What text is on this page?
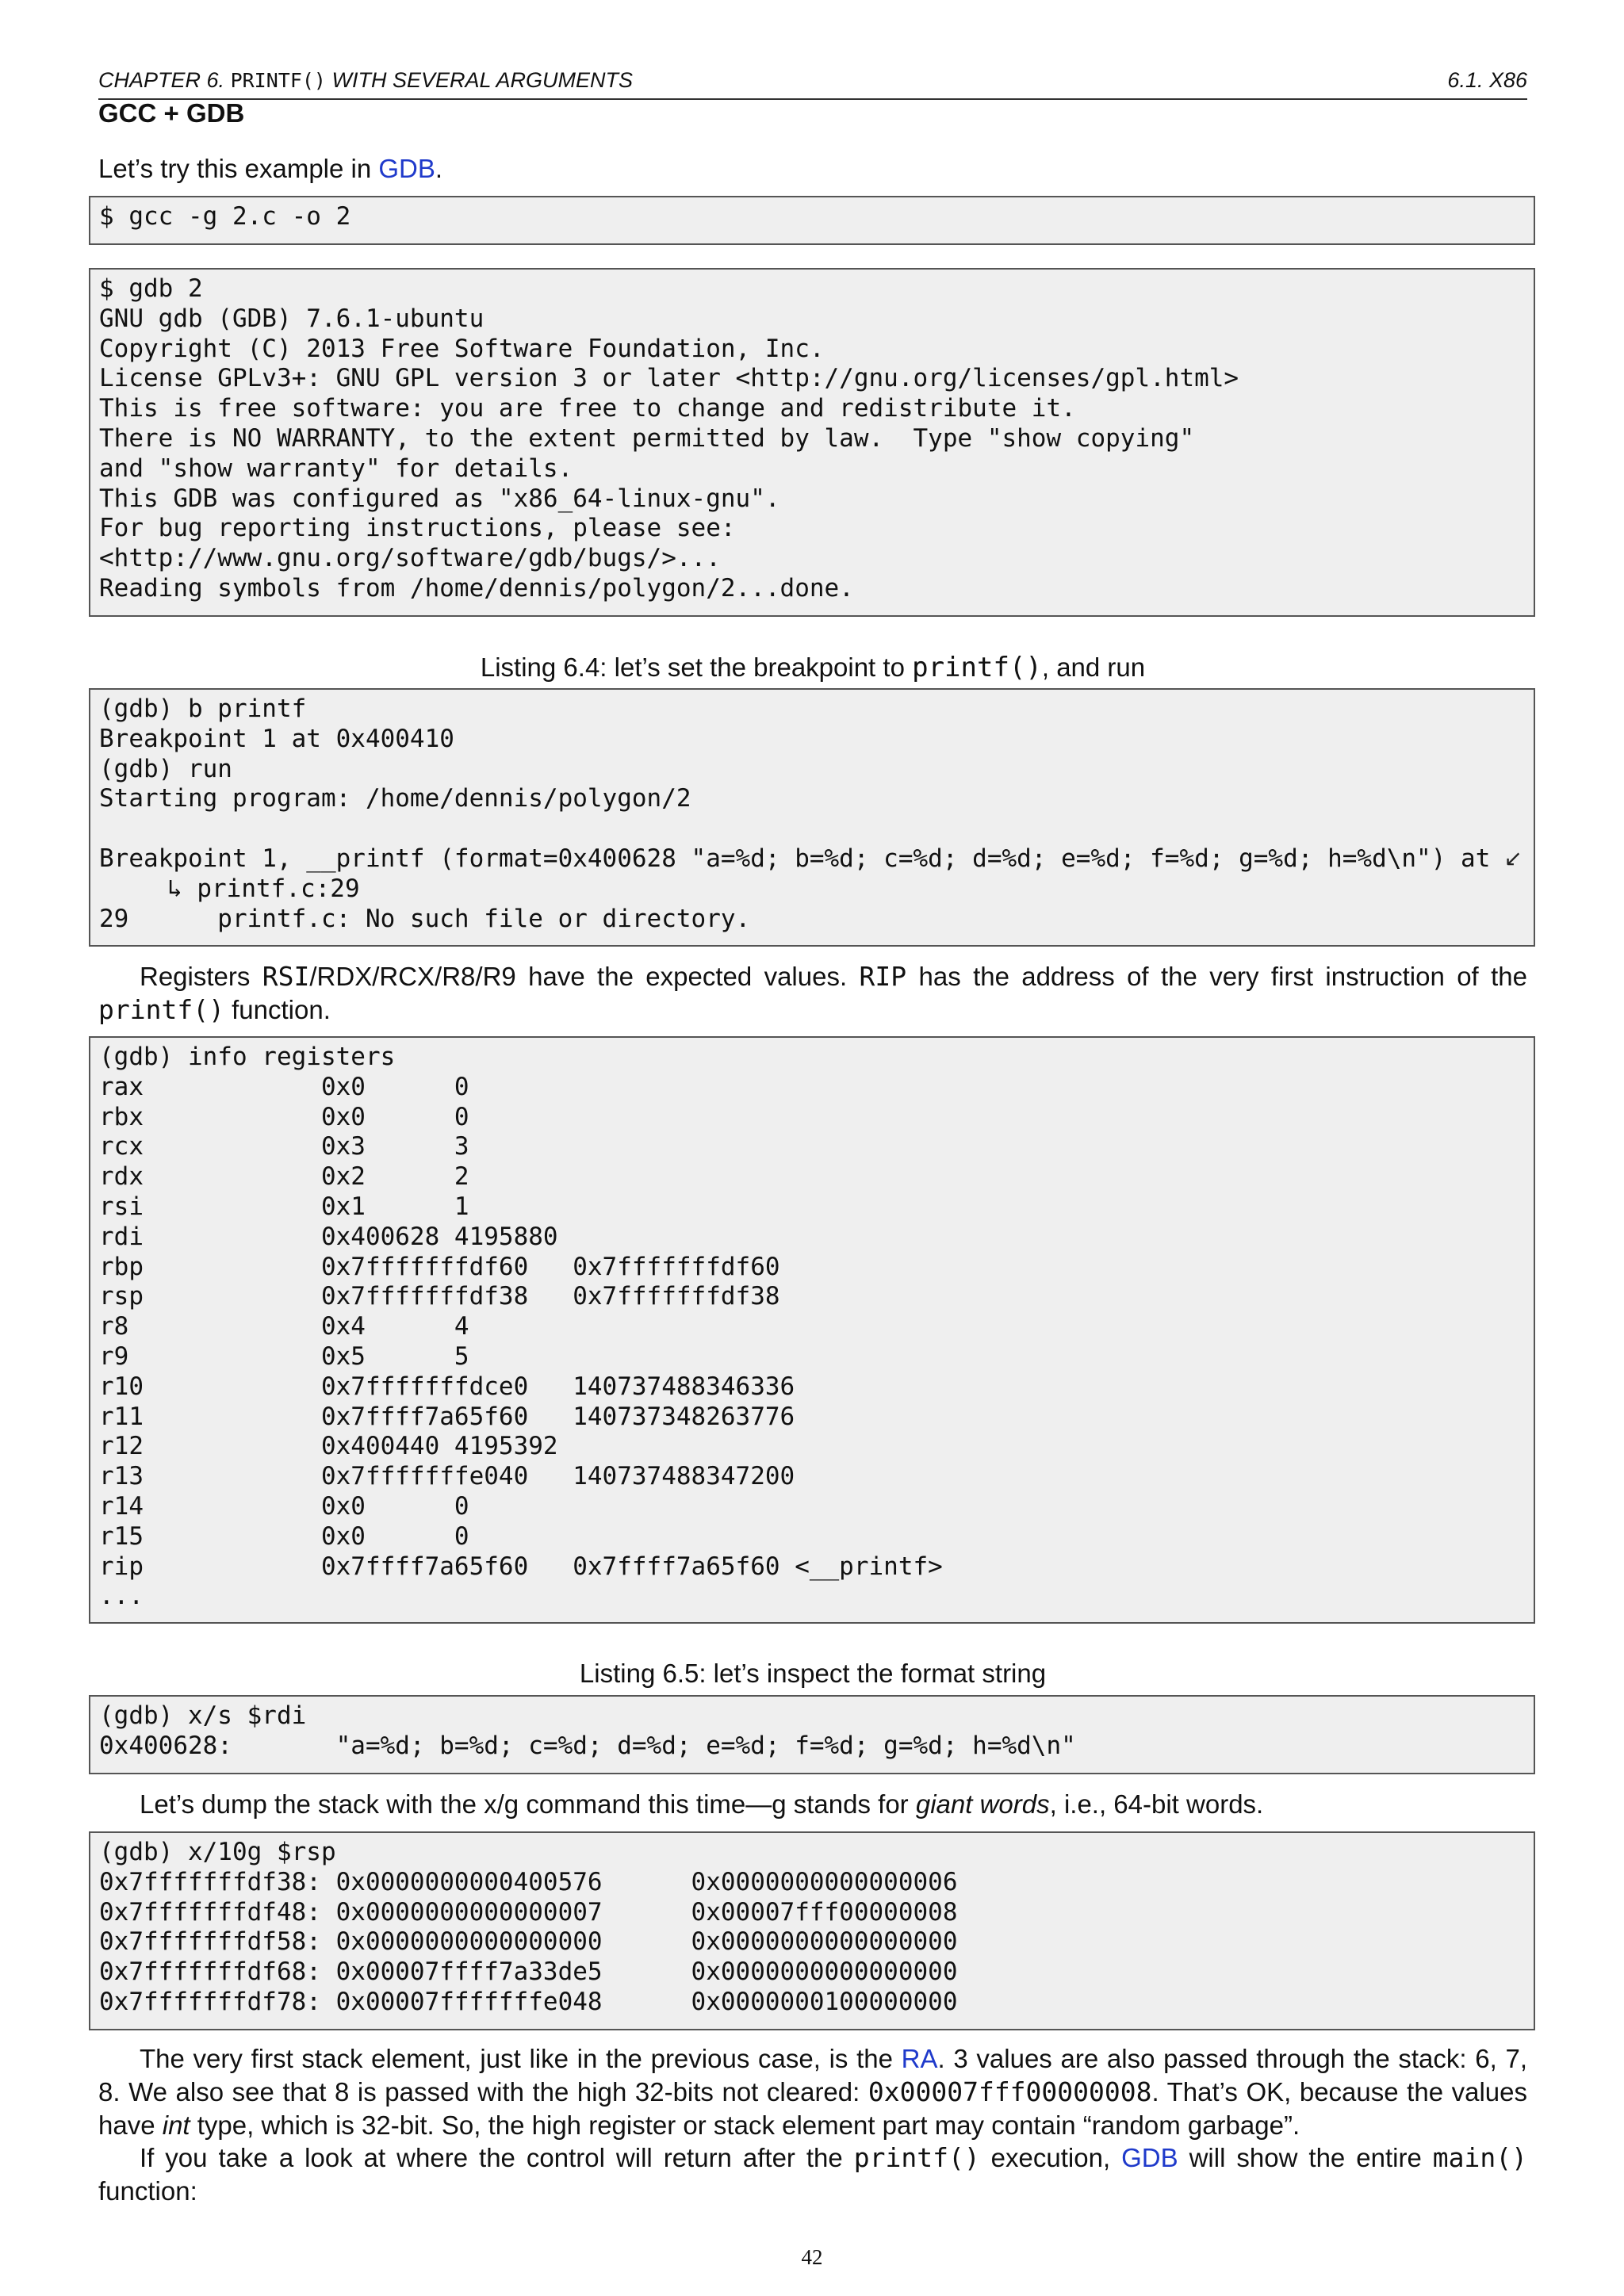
CHAPTER 6. PRINTF() WITH SEVERAL ARGUMENTS	6.1. X86
GCC + GDB
Let’s try this example in GDB.
$ gcc -g 2.c -o 2
$ gdb 2
GNU gdb (GDB) 7.6.1-ubuntu
Copyright (C) 2013 Free Software Foundation, Inc.
License GPLv3+: GNU GPL version 3 or later <http://gnu.org/licenses/gpl.html>
This is free software: you are free to change and redistribute it.
There is NO WARRANTY, to the extent permitted by law.  Type "show copying"
and "show warranty" for details.
This GDB was configured as "x86_64-linux-gnu".
For bug reporting instructions, please see:
<http://www.gnu.org/software/gdb/bugs/>...
Reading symbols from /home/dennis/polygon/2...done.
Listing 6.4: let’s set the breakpoint to printf(), and run
(gdb) b printf
Breakpoint 1 at 0x400410
(gdb) run
Starting program: /home/dennis/polygon/2

Breakpoint 1, __printf (format=0x400628 "a=%d; b=%d; c=%d; d=%d; e=%d; f=%d; g=%d; h=%d\n") at ↙
↳ printf.c:29
29      printf.c: No such file or directory.
Registers RSI/RDX/RCX/R8/R9 have the expected values. RIP has the address of the very first instruction of the printf() function.
(gdb) info registers
rax            0x0      0
rbx            0x0      0
rcx            0x3      3
rdx            0x2      2
rsi            0x1      1
rdi            0x400628 4195880
rbp            0x7fffffffdf60   0x7fffffffdf60
rsp            0x7fffffffdf38   0x7fffffffdf38
r8             0x4      4
r9             0x5      5
r10            0x7fffffffdce0   140737488346336
r11            0x7ffff7a65f60   140737348263776
r12            0x400440 4195392
r13            0x7fffffffe040   140737488347200
r14            0x0      0
r15            0x0      0
rip            0x7ffff7a65f60   0x7ffff7a65f60 <__printf>
...
Listing 6.5: let’s inspect the format string
(gdb) x/s $rdi
0x400628:       "a=%d; b=%d; c=%d; d=%d; e=%d; f=%d; g=%d; h=%d\n"
Let’s dump the stack with the x/g command this time—g stands for giant words, i.e., 64-bit words.
(gdb) x/10g $rsp
0x7fffffffdf38: 0x0000000000400576      0x0000000000000006
0x7fffffffdf48: 0x0000000000000007      0x00007fff00000008
0x7fffffffdf58: 0x0000000000000000      0x0000000000000000
0x7fffffffdf68: 0x00007ffff7a33de5      0x0000000000000000
0x7fffffffdf78: 0x00007fffffffe048      0x0000000100000000
The very first stack element, just like in the previous case, is the RA. 3 values are also passed through the stack: 6, 7, 8. We also see that 8 is passed with the high 32-bits not cleared: 0x00007fff00000008. That’s OK, because the values have int type, which is 32-bit. So, the high register or stack element part may contain “random garbage”.
If you take a look at where the control will return after the printf() execution, GDB will show the entire main() function:
42
